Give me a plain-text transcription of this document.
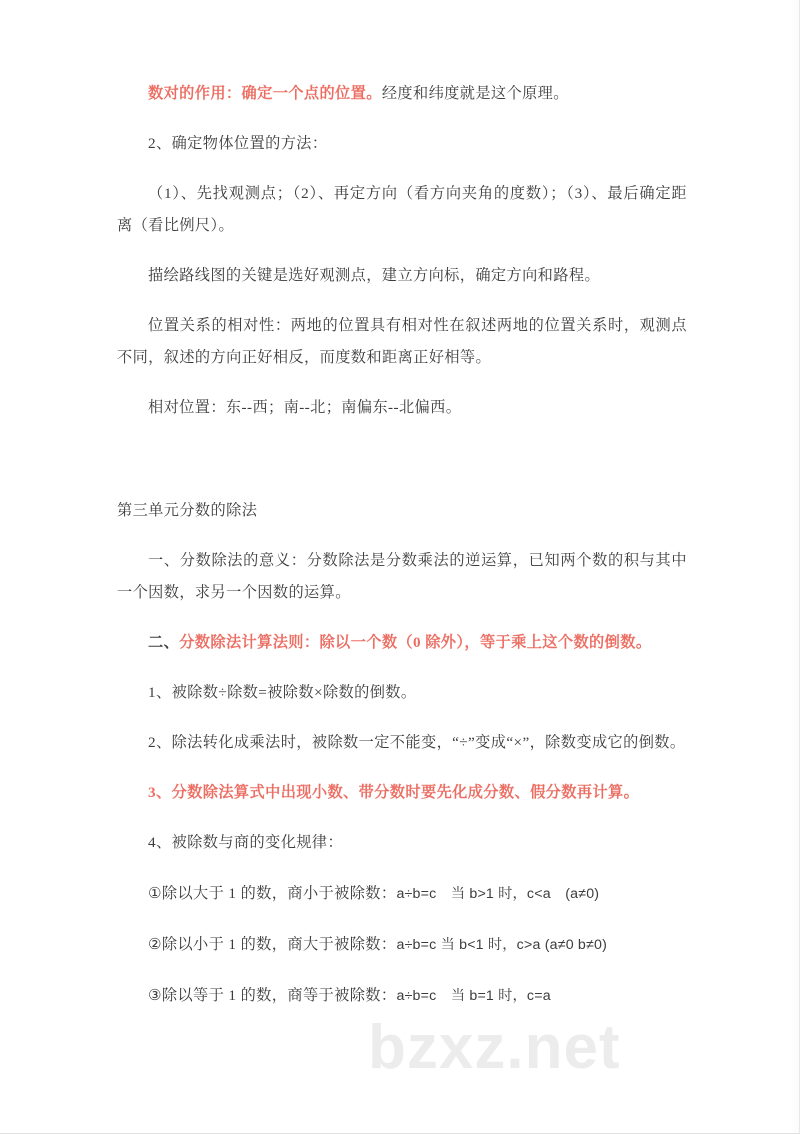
数对的作用：确定一个点的位置。经度和纬度就是这个原理。

2、确定物体位置的方法：

（1）、先找观测点；（2）、再定方向（看方向夹角的度数）；（3）、最后确定距离（看比例尺）。

描绘路线图的关键是选好观测点，建立方向标，确定方向和路程。

位置关系的相对性：两地的位置具有相对性在叙述两地的位置关系时，观测点不同，叙述的方向正好相反，而度数和距离正好相等。

相对位置：东--西；南--北；南偏东--北偏西。

第三单元分数的除法

一、分数除法的意义：分数除法是分数乘法的逆运算，已知两个数的积与其中一个因数，求另一个因数的运算。

二、分数除法计算法则：除以一个数（0 除外），等于乘上这个数的倒数。

1、被除数÷除数=被除数×除数的倒数。

2、除法转化成乘法时，被除数一定不能变，“÷”变成“×”，除数变成它的倒数。

3、分数除法算式中出现小数、带分数时要先化成分数、假分数再计算。

4、被除数与商的变化规律：

①除以大于 1 的数，商小于被除数：a÷b=c　当 b>1 时，c<a　(a≠0)

②除以小于 1 的数，商大于被除数：a÷b=c 当 b<1 时，c>a (a≠0 b≠0)

③除以等于 1 的数，商等于被除数：a÷b=c　当 b=1 时，c=a

bzxz.net
